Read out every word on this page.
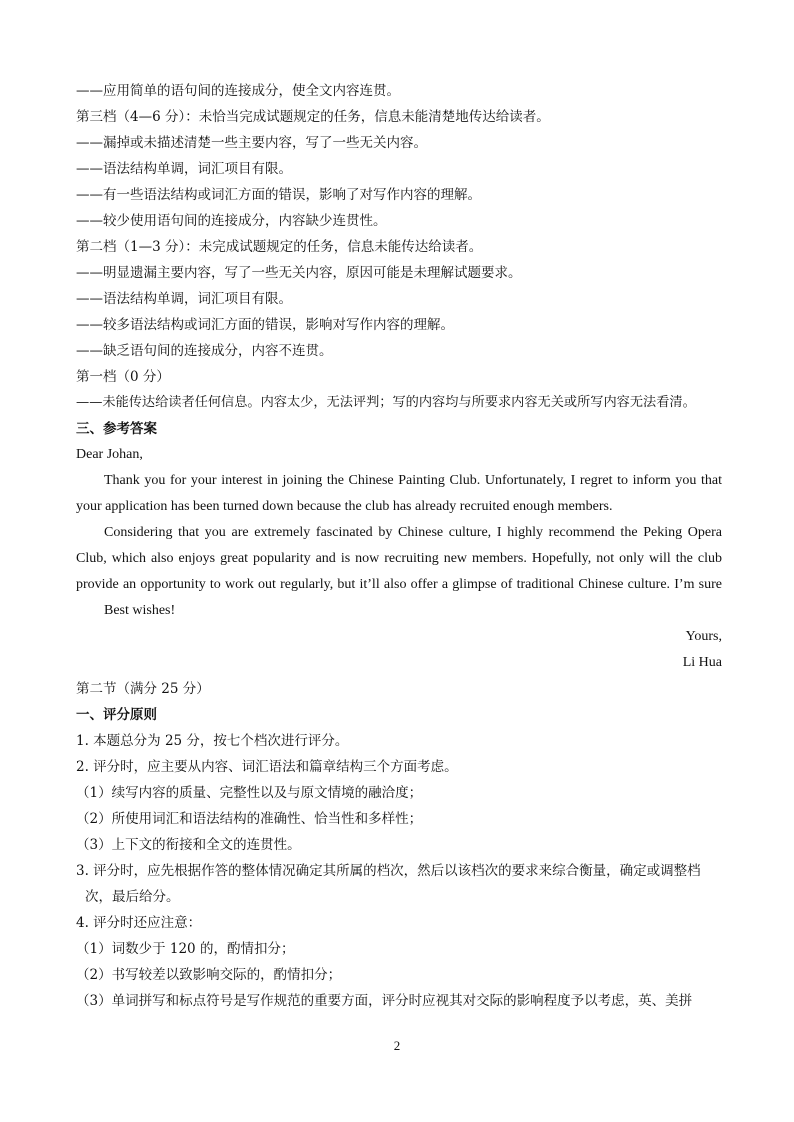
——应用简单的语句间的连接成分，使全文内容连贯。
第三档（4—6 分）：未恰当完成试题规定的任务，信息未能清楚地传达给读者。
——漏掉或未描述清楚一些主要内容，写了一些无关内容。
——语法结构单调，词汇项目有限。
——有一些语法结构或词汇方面的错误，影响了对写作内容的理解。
——较少使用语句间的连接成分，内容缺少连贯性。
第二档（1—3 分）：未完成试题规定的任务，信息未能传达给读者。
——明显遗漏主要内容，写了一些无关内容，原因可能是未理解试题要求。
——语法结构单调，词汇项目有限。
——较多语法结构或词汇方面的错误，影响对写作内容的理解。
——缺乏语句间的连接成分，内容不连贯。
第一档（0 分）
——未能传达给读者任何信息。内容太少，无法评判；写的内容均与所要求内容无关或所写内容无法看清。
三、参考答案
Dear Johan,
Thank you for your interest in joining the Chinese Painting Club. Unfortunately, I regret to inform you that your application has been turned down because the club has already recruited enough members.
Considering that you are extremely fascinated by Chinese culture, I highly recommend the Peking Opera Club, which also enjoys great popularity and is now recruiting new members. Hopefully, not only will the club provide an opportunity to work out regularly, but it’ll also offer a glimpse of traditional Chinese culture. I’m sure
Best wishes!
Yours,
Li Hua
第二节（满分 25 分）
一、评分原则
1. 本题总分为 25 分，按七个档次进行评分。
2. 评分时，应主要从内容、词汇语法和篇章结构三个方面考虑。
（1）续写内容的质量、完整性以及与原文情境的融洽度；
（2）所使用词汇和语法结构的准确性、恰当性和多样性；
（3）上下文的衔接和全文的连贯性。
3. 评分时，应先根据作答的整体情况确定其所属的档次，然后以该档次的要求来综合衡量，确定或调整档
次，最后给分。
4. 评分时还应注意：
（1）词数少于 120 的，酌情扣分；
（2）书写较差以致影响交际的，酌情扣分；
（3）单词拼写和标点符号是写作规范的重要方面，评分时应视其对交际的影响程度予以考虑，英、美拼
2
